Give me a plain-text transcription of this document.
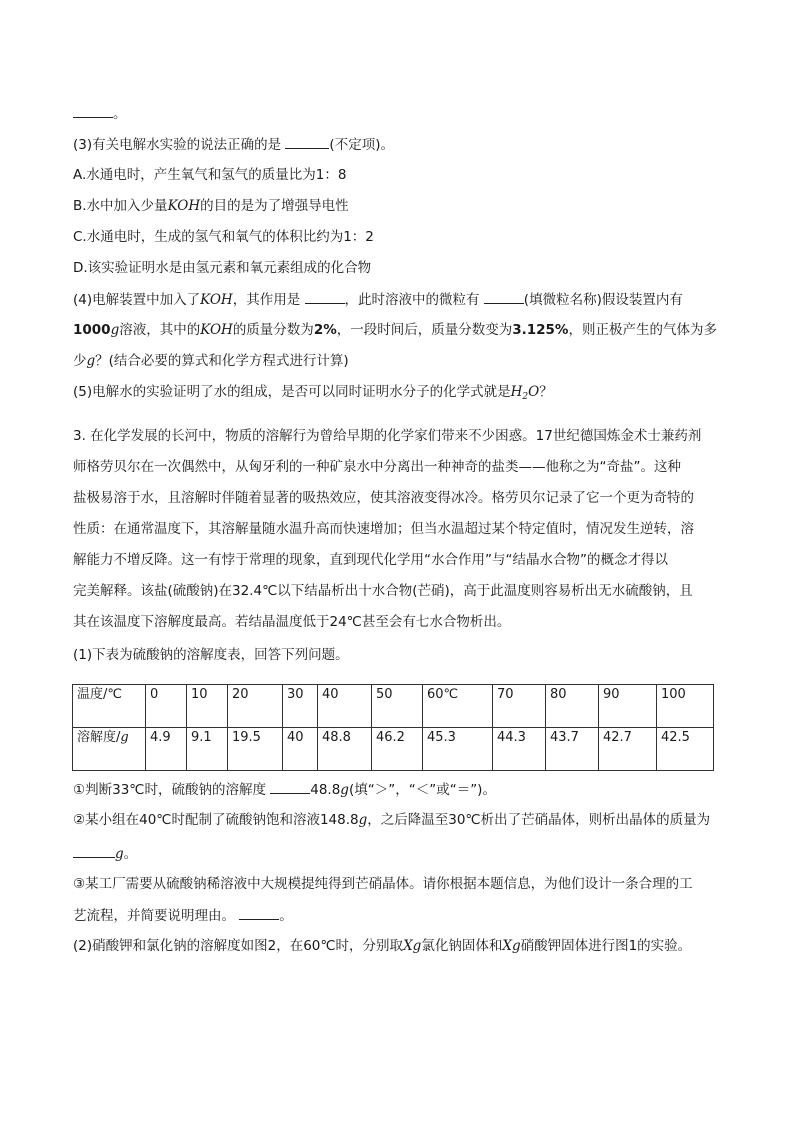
。
(3)有关电解水实验的说法正确的是	(不定项)。
A.水通电时，产生氧气和氢气的质量比为1：8
B.水中加入少量KOH的目的是为了增强导电性
C.水通电时，生成的氢气和氧气的体积比约为1：2
D.该实验证明水是由氢元素和氧元素组成的化合物
(4)电解装置中加入了KOH，其作用是	，此时溶液中的微粒有	(填微粒名称)假设装置内有
1000g溶液，其中的KOH的质量分数为2%，一段时间后，质量分数变为3.125%，则正极产生的气体为多
少g？(结合必要的算式和化学方程式进行计算)
(5)电解水的实验证明了水的组成，是否可以同时证明水分子的化学式就是$H_2O$？
3. 在化学发展的长河中，物质的溶解行为曾给早期的化学家们带来不少困惑。17世纪德国炼金术士兼药剂
师格劳贝尔在一次偶然中，从匈牙利的一种矿泉水中分离出一种神奇的盐类——他称之为“奇盐”。这种
盐极易溶于水，且溶解时伴随着显著的吸热效应，使其溶液变得冰冷。格劳贝尔记录了它一个更为奇特的
性质：在通常温度下，其溶解量随水温升高而快速增加；但当水温超过某个特定值时，情况发生逆转，溶
解能力不增反降。这一有悖于常理的现象，直到现代化学用“水合作用”与“结晶水合物”的概念才得以
完美解释。该盐(硫酸钠)在32.4℃以下结晶析出十水合物(芒硝)，高于此温度则容易析出无水硫酸钠，且
其在该温度下溶解度最高。若结晶温度低于24℃甚至会有七水合物析出。
(1)下表为硫酸钠的溶解度表，回答下列问题。
温度/℃	0	10	20	30	40	50	60℃	70	80	90	100
溶解度/g	4.9	9.1	19.5	40	48.8	46.2	45.3	44.3	43.7	42.7	42.5
①判断33℃时，硫酸钠的溶解度	48.8g(填“＞”，“＜”或“＝”)。
②某小组在40℃时配制了硫酸钠饱和溶液148.8g，之后降温至30℃析出了芒硝晶体，则析出晶体的质量为
g。
③某工厂需要从硫酸钠稀溶液中大规模提纯得到芒硝晶体。请你根据本题信息，为他们设计一条合理的工
艺流程，并简要说明理由。	。
(2)硝酸钾和氯化钠的溶解度如图2，在60℃时，分别取Xg氯化钠固体和Xg硝酸钾固体进行图1的实验。
